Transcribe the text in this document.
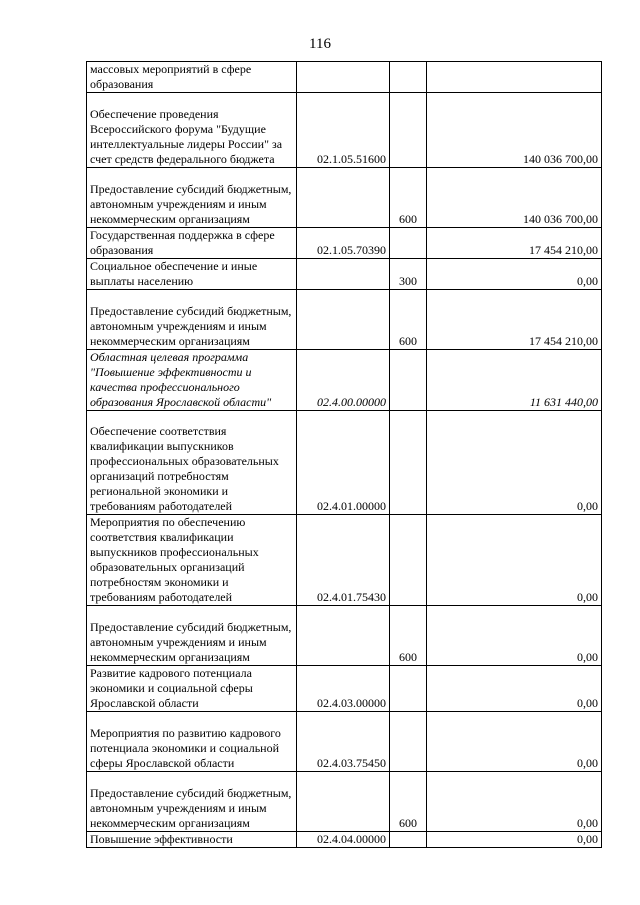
116
массовых мероприятий в сфере образования			
Обеспечение проведения Всероссийского форума "Будущие интеллектуальные лидеры России" за счет средств федерального бюджета	02.1.05.51600		140 036 700,00
Предоставление субсидий бюджетным, автономным учреждениям и иным некоммерческим организациям		600	140 036 700,00
Государственная поддержка в сфере образования	02.1.05.70390		17 454 210,00
Социальное обеспечение и иные выплаты населению		300	0,00
Предоставление субсидий бюджетным, автономным учреждениям и иным некоммерческим организациям		600	17 454 210,00
Областная целевая программа "Повышение эффективности и качества профессионального образования Ярославской области"	02.4.00.00000		11 631 440,00
Обеспечение соответствия квалификации выпускников профессиональных образовательных организаций потребностям региональной экономики и требованиям работодателей	02.4.01.00000		0,00
Мероприятия по обеспечению соответствия квалификации выпускников профессиональных образовательных организаций потребностям экономики и требованиям работодателей	02.4.01.75430		0,00
Предоставление субсидий бюджетным, автономным учреждениям и иным некоммерческим организациям		600	0,00
Развитие кадрового потенциала экономики и социальной сферы Ярославской области	02.4.03.00000		0,00
Мероприятия по развитию кадрового потенциала экономики и социальной сферы Ярославской области	02.4.03.75450		0,00
Предоставление субсидий бюджетным, автономным учреждениям и иным некоммерческим организациям		600	0,00
Повышение эффективности	02.4.04.00000		0,00
